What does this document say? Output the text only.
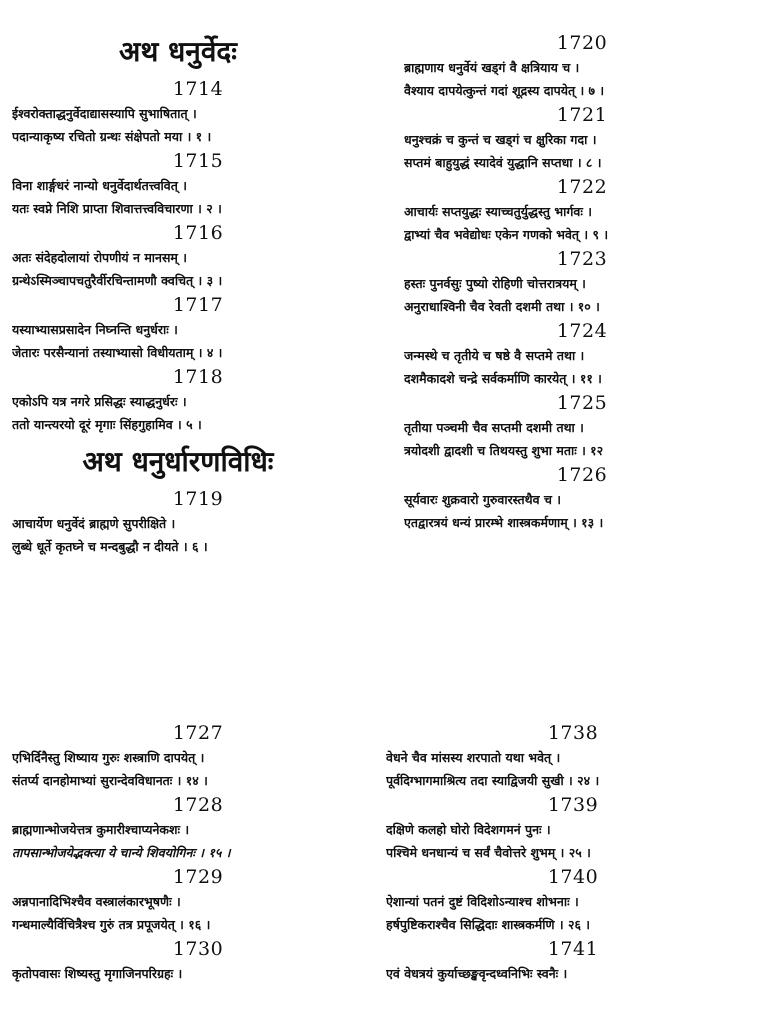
अथ धनुर्वेदः
1714
ईश्वरोक्ताद्धनुर्वेदाद्यासस्यापि सुभाषितात् ।
पदान्याकृष्य रचितो ग्रन्थः संक्षेपतो मया । १ ।
1715
विना शार्ङ्गधरं नान्यो धनुर्वेदार्थतत्त्ववित् ।
यतः स्वप्ने निशि प्राप्ता शिवात्तत्त्वविचारणा । २ ।
1716
अतः संदेहदोलायां रोपणीयं न मानसम् ।
ग्रन्थेऽस्मिञ्चापचतुरैर्वीरचिन्तामणौ क्वचित् । ३ ।
1717
यस्याभ्यासप्रसादेन निघ्नन्ति धनुर्धराः ।
जेतारः परसैन्यानां तस्याभ्यासो विधीयताम् । ४ ।
1718
एकोऽपि यत्र नगरे प्रसिद्धः स्याद्धनुर्धरः ।
ततो यान्त्यरयो दूरं मृगाः सिंहगुहामिव । ५ ।
अथ धनुर्धारणविधिः
1719
आचार्येण धनुर्वेदं ब्राह्मणे सुपरीक्षिते ।
लुब्धे धूर्ते कृतघ्ने च मन्दबुद्धौ न दीयते । ६ ।
1720
ब्राह्मणाय धनुर्वेयं खड्गं वै क्षत्रियाय च ।
वैश्याय दापयेत्कुन्तं गदां शूद्रस्य दापयेत् । ७ ।
1721
धनुश्चक्रं च कुन्तं च खड्गं च क्षुरिका गदा ।
सप्तमं बाहुयुद्धं स्यादेवं युद्धानि सप्तधा । ८ ।
1722
आचार्यः सप्तयुद्धः स्याच्चतुर्युद्धस्तु भार्गवः ।
द्वाभ्यां चैव भवेद्योधः एकेन गणको भवेत् । ९ ।
1723
हस्तः पुनर्वसुः पुष्यो रोहिणी चोत्तरात्रयम् ।
अनुराधाश्विनी चैव रेवती दशमी तथा । १० ।
1724
जन्मस्थे च तृतीये च षष्ठे वै सप्तमे तथा ।
दशमैकादशे चन्द्रे सर्वकर्माणि कारयेत् । ११ ।
1725
तृतीया पञ्चमी चैव सप्तमी दशमी तथा ।
त्रयोदशी द्वादशी च तिथयस्तु शुभा मताः । १२
1726
सूर्यवारः शुक्रवारो गुरुवारस्तथैव च ।
एतद्वारत्रयं धन्यं प्रारम्भे शास्त्रकर्मणाम् । १३ ।
1727
एभिर्दिनैस्तु शिष्याय गुरुः शस्त्राणि दापयेत् ।
संतर्प्य दानहोमाभ्यां सुरान्देवविधानतः । १४ ।
1728
ब्राह्मणान्भोजयेत्तत्र कुमारीश्चाप्यनेकशः ।
तापसान्भोजयेद्भक्त्या ये चान्ये शिवयोगिनः । १५ ।
1729
अन्नपानादिभिश्चैव वस्त्रालंकारभूषणैः ।
गन्धमाल्यैर्विचित्रैश्च गुरुं तत्र प्रपूजयेत् । १६ ।
1730
कृतोपवासः शिष्यस्तु मृगाजिनपरिग्रहः ।
1738
वेधने चैव मांसस्य शरपातो यथा भवेत् ।
पूर्वदिग्भागमाश्रित्य तदा स्याद्विजयी सुखी । २४ ।
1739
दक्षिणे कलहो घोरो विदेशगमनं पुनः ।
पश्चिमे धनधान्यं च सर्वं चैवोत्तरे शुभम् । २५ ।
1740
ऐशान्यां पतनं दुष्टं विदिशोऽन्याश्च शोभनाः ।
हर्षपुष्टिकराश्चैव सिद्धिदाः शास्त्रकर्मणि । २६ ।
1741
एवं वेधत्रयं कुर्याच्छङ्खवृन्दध्वनिभिः स्वनैः ।
